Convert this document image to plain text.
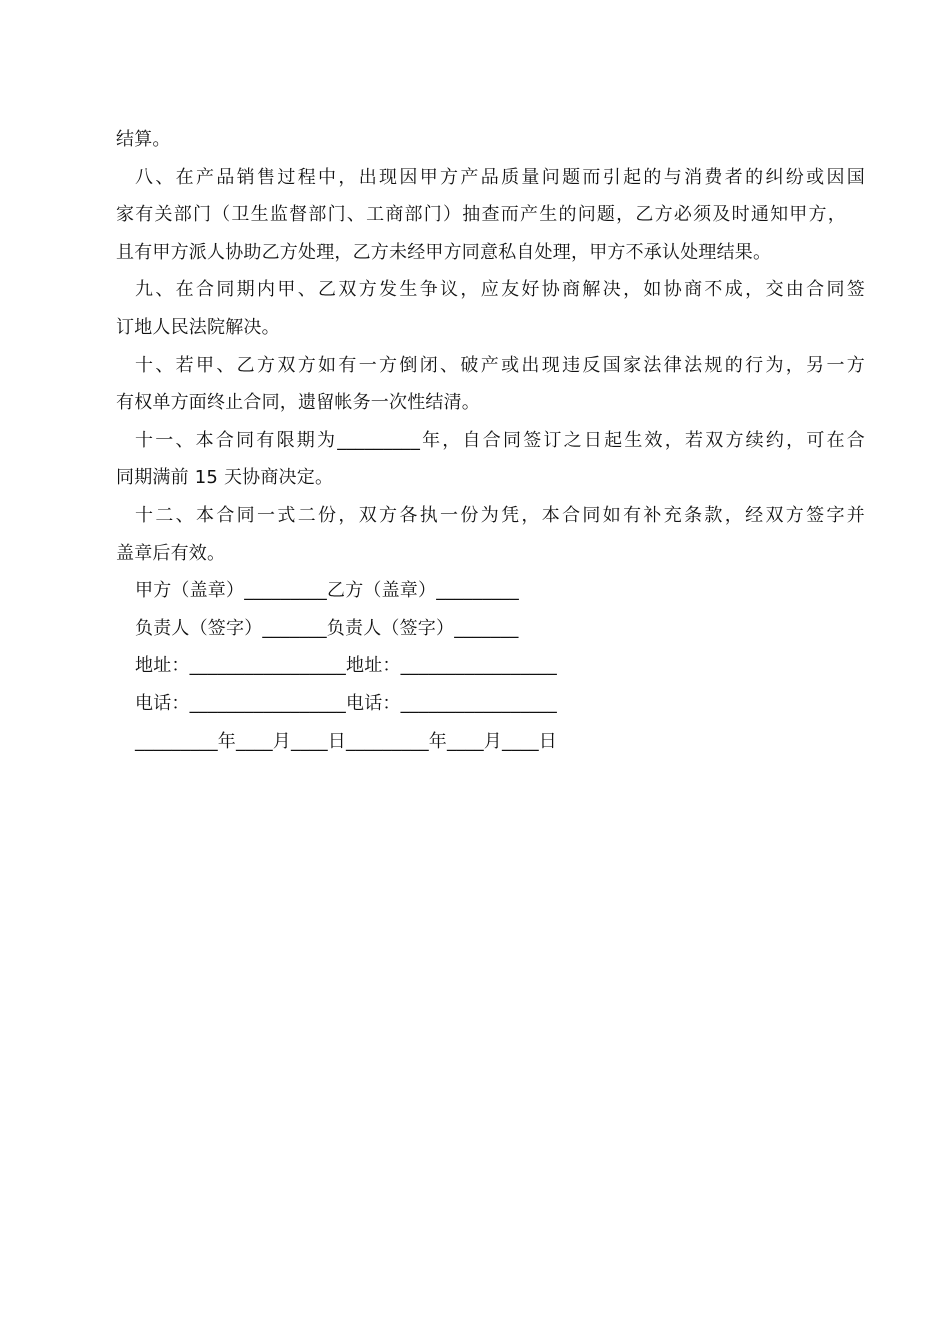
结算。
八、在产品销售过程中，出现因甲方产品质量问题而引起的与消费者的纠纷或因国
家有关部门（卫生监督部门、工商部门）抽查而产生的问题，乙方必须及时通知甲方，
且有甲方派人协助乙方处理，乙方未经甲方同意私自处理，甲方不承认处理结果。
九、在合同期内甲、乙双方发生争议，应友好协商解决，如协商不成，交由合同签
订地人民法院解决。
十、若甲、乙方双方如有一方倒闭、破产或出现违反国家法律法规的行为，另一方
有权单方面终止合同，遗留帐务一次性结清。
十一、本合同有限期为_________年，自合同签订之日起生效，若双方续约，可在合
同期满前 15 天协商决定。
十二、本合同一式二份，双方各执一份为凭，本合同如有补充条款，经双方签字并
盖章后有效。
甲方（盖章）_________乙方（盖章）_________
负责人（签字）_______负责人（签字）_______
地址：_________________地址：_________________
电话：_________________电话：_________________
_________年____月____日_________年____月____日
